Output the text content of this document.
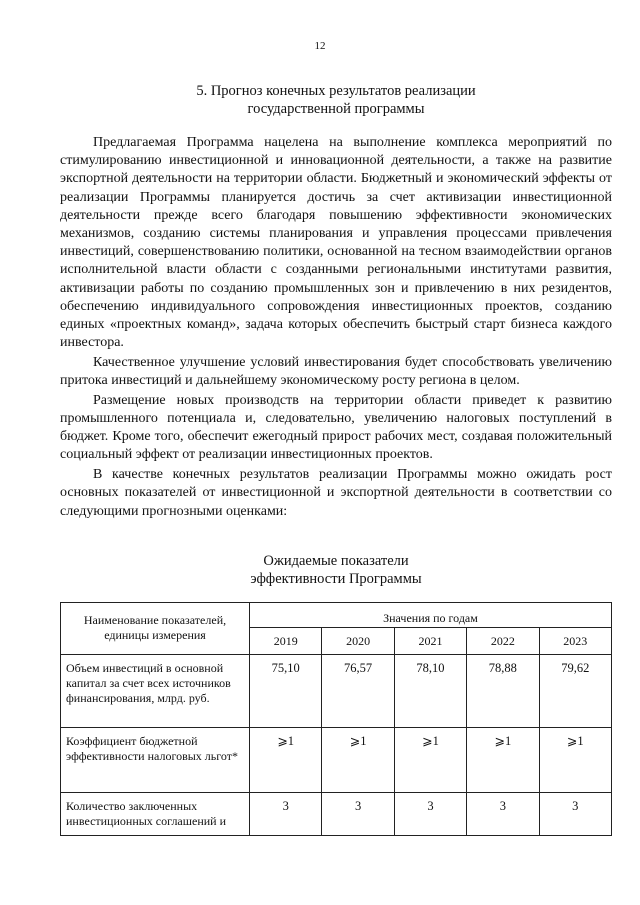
12
5. Прогноз конечных результатов реализации
государственной программы

Предлагаемая Программа нацелена на выполнение комплекса мероприятий по стимулированию инвестиционной и инновационной деятельности, а также на развитие экспортной деятельности на территории области. Бюджетный и экономический эффекты от реализации Программы планируется достичь за счет активизации инвестиционной деятельности прежде всего благодаря повышению эффективности экономических механизмов, созданию системы планирования и управления процессами привлечения инвестиций, совершенствованию политики, основанной на тесном взаимодействии органов исполнительной власти области с созданными региональными институтами развития, активизации работы по созданию промышленных зон и привлечению в них резидентов, обеспечению индивидуального сопровождения инвестиционных проектов, созданию единых «проектных команд», задача которых обеспечить быстрый старт бизнеса каждого инвестора.

Качественное улучшение условий инвестирования будет способствовать увеличению притока инвестиций и дальнейшему экономическому росту региона в целом.

Размещение новых производств на территории области приведет к развитию промышленного потенциала и, следовательно, увеличению налоговых поступлений в бюджет. Кроме того, обеспечит ежегодный прирост рабочих мест, создавая положительный социальный эффект от реализации инвестиционных проектов.

В качестве конечных результатов реализации Программы можно ожидать рост основных показателей от инвестиционной и экспортной деятельности в соответствии со следующими прогнозными оценками:

Ожидаемые показатели
эффективности Программы
Наименование показателей, единицы измерения	Значения по годам				
	2019	2020	2021	2022	2023
Объем инвестиций в основной капитал за счет всех источников финансирования, млрд. руб.	75,10	76,57	78,10	78,88	79,62
Коэффициент бюджетной эффективности налоговых льгот*	⩾1	⩾1	⩾1	⩾1	⩾1
Количество заключенных инвестиционных соглашений и	3	3	3	3	3
